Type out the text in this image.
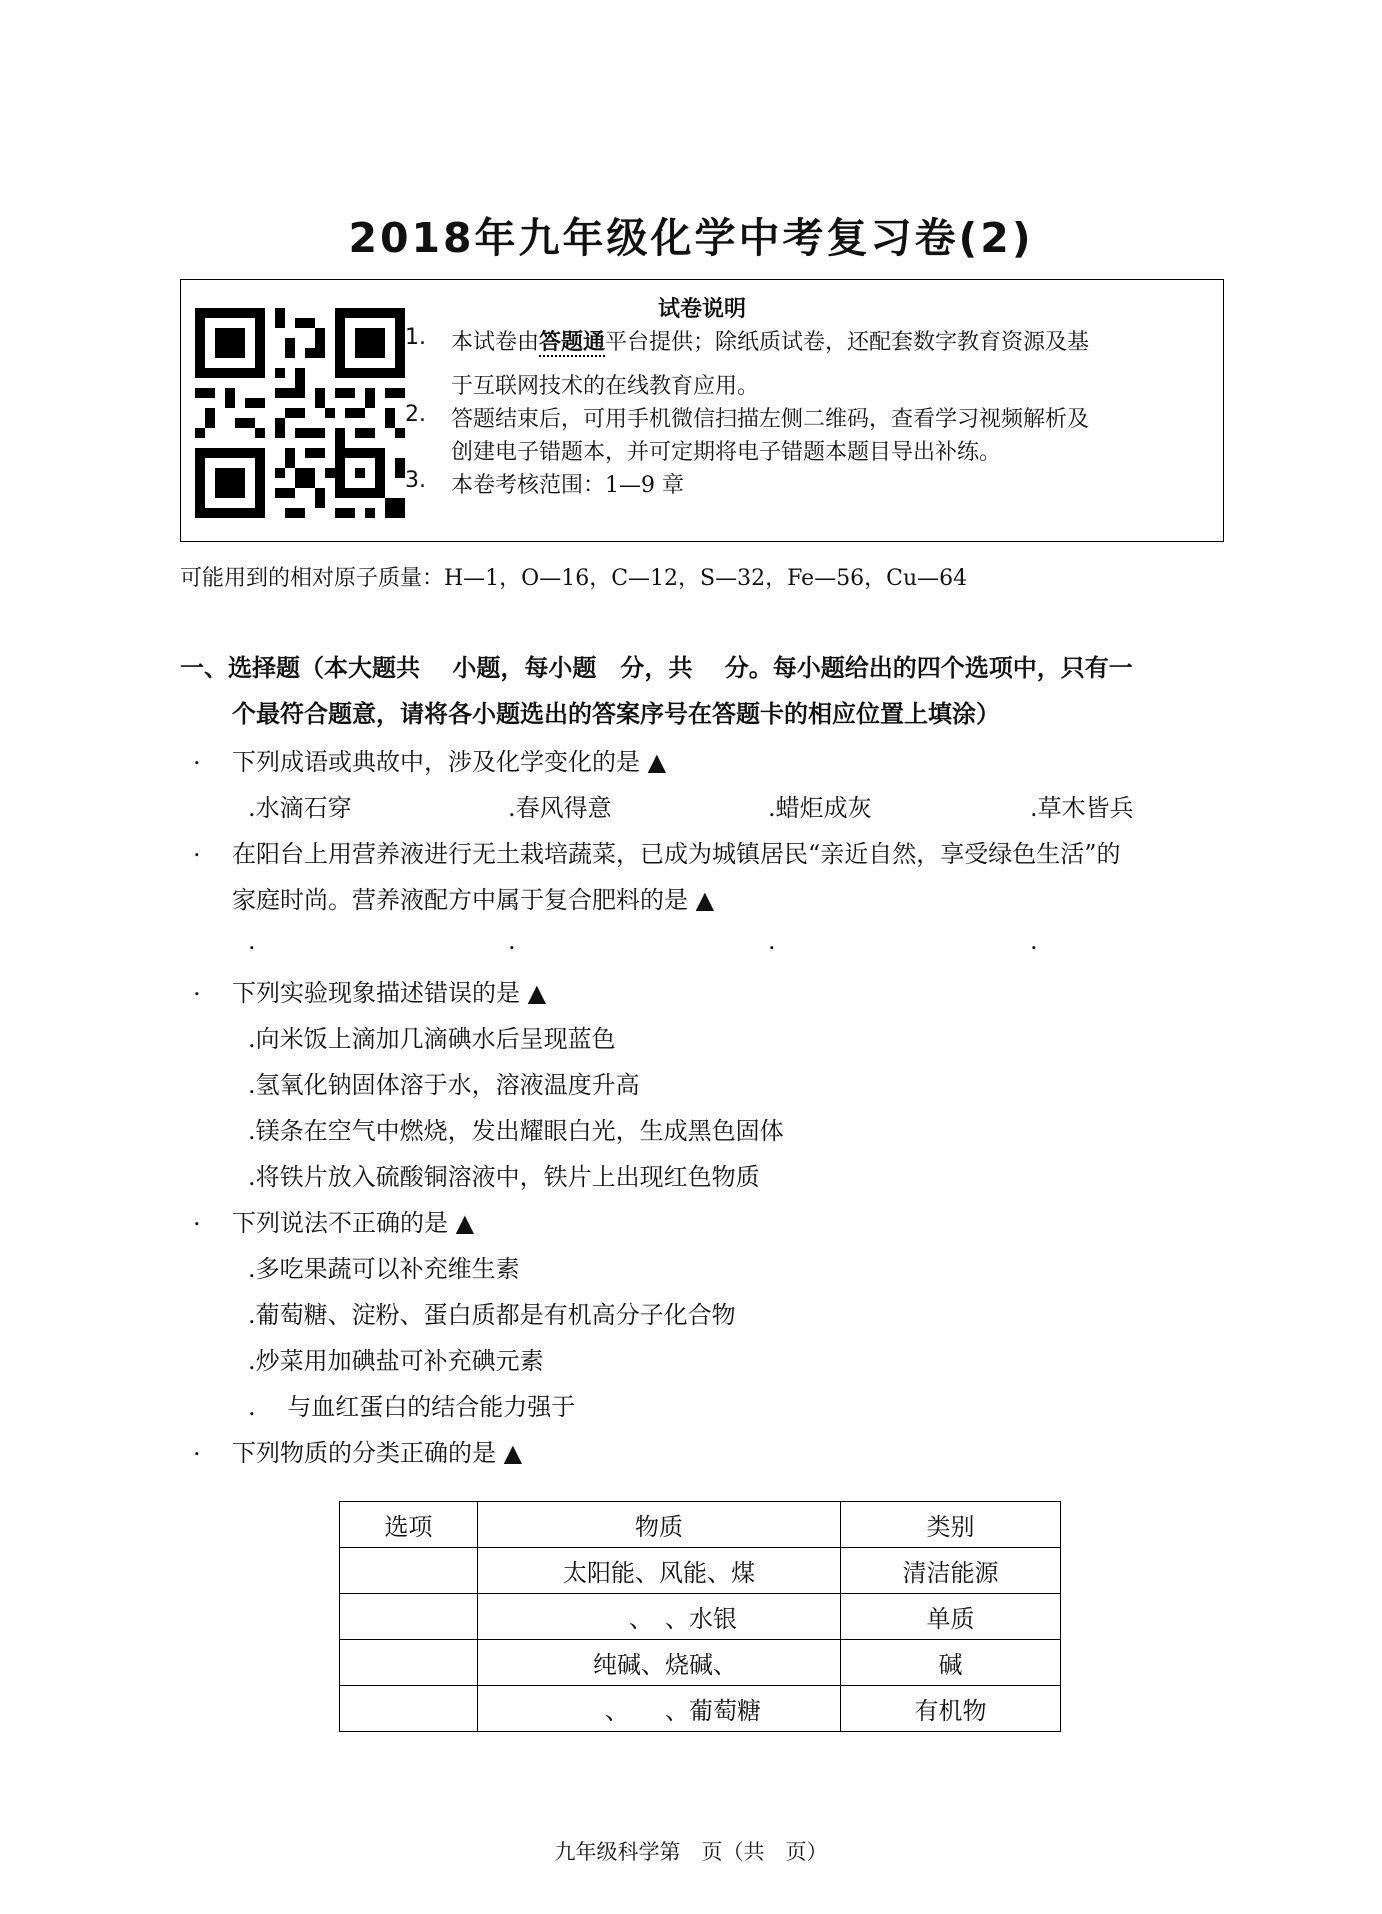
2018年九年级化学中考复习卷(2)
试卷说明
1. 本试卷由答题通平台提供；除纸质试卷，还配套数字教育资源及基
于互联网技术的在线教育应用。
2. 答题结束后，可用手机微信扫描左侧二维码，查看学习视频解析及
创建电子错题本，并可定期将电子错题本题目导出补练。
3. 本卷考核范围：1—9 章
可能用到的相对原子质量：H—1，O—16，C—12，S—32，Fe—56，Cu—64
一、选择题（本大题共　 小题，每小题　分，共　 分。每小题给出的四个选项中，只有一
个最符合题意，请将各小题选出的答案序号在答题卡的相应位置上填涂）
. 下列成语或典故中，涉及化学变化的是 ▲
.水滴石穿	.春风得意	.蜡炬成灰	.草木皆兵
. 在阳台上用营养液进行无土栽培蔬菜，已成为城镇居民“亲近自然，享受绿色生活”的
家庭时尚。营养液配方中属于复合肥料的是 ▲
.	.	.	.
. 下列实验现象描述错误的是 ▲
.向米饭上滴加几滴碘水后呈现蓝色
.氢氧化钠固体溶于水，溶液温度升高
.镁条在空气中燃烧，发出耀眼白光，生成黑色固体
.将铁片放入硫酸铜溶液中，铁片上出现红色物质
. 下列说法不正确的是 ▲
.多吃果蔬可以补充维生素
.葡萄糖、淀粉、蛋白质都是有机高分子化合物
.炒菜用加碘盐可补充碘元素
.　 与血红蛋白的结合能力强于
. 下列物质的分类正确的是 ▲
选项	物质	类别
	太阳能、风能、煤	清洁能源
	　　、　、水银	单质
	纯碱、烧碱、　　	碱
	　　、　　、葡萄糖	有机物
九年级科学第　页（共　页）
